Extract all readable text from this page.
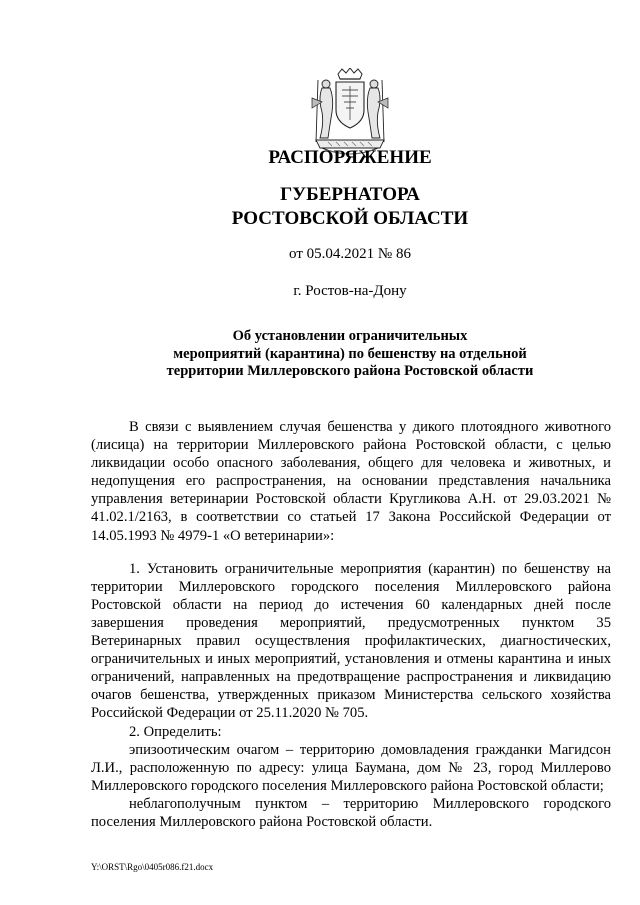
РАСПОРЯЖЕНИЕ
ГУБЕРНАТОРА
РОСТОВСКОЙ ОБЛАСТИ
от 05.04.2021 № 86
г. Ростов-на-Дону
Об установлении ограничительных
мероприятий (карантина) по бешенству на отдельной
территории Миллеровского района Ростовской области

В связи с выявлением случая бешенства у дикого плотоядного животного (лисица) на территории Миллеровского района Ростовской области, с целью ликвидации особо опасного заболевания, общего для человека и животных, и недопущения его распространения, на основании представления начальника управления ветеринарии Ростовской области Кругликова А.Н. от 29.03.2021 № 41.02.1/2163, в соответствии со статьей 17 Закона Российской Федерации от 14.05.1993 № 4979-1 «О ветеринарии»:

1. Установить ограничительные мероприятия (карантин) по бешенству на территории Миллеровского городского поселения Миллеровского района Ростовской области на период до истечения 60 календарных дней после завершения проведения мероприятий, предусмотренных пунктом 35 Ветеринарных правил осуществления профилактических, диагностических, ограничительных и иных мероприятий, установления и отмены карантина и иных ограничений, направленных на предотвращение распространения и ликвидацию очагов бешенства, утвержденных приказом Министерства сельского хозяйства Российской Федерации от 25.11.2020 № 705.

2. Определить:

эпизоотическим очагом – территорию домовладения гражданки Магидсон Л.И., расположенную по адресу: улица Баумана, дом № 23, город Миллерово Миллеровского городского поселения Миллеровского района Ростовской области;

неблагополучным пунктом – территорию Миллеровского городского поселения Миллеровского района Ростовской области.

Y:\ORST\Rgo\0405r086.f21.docx
